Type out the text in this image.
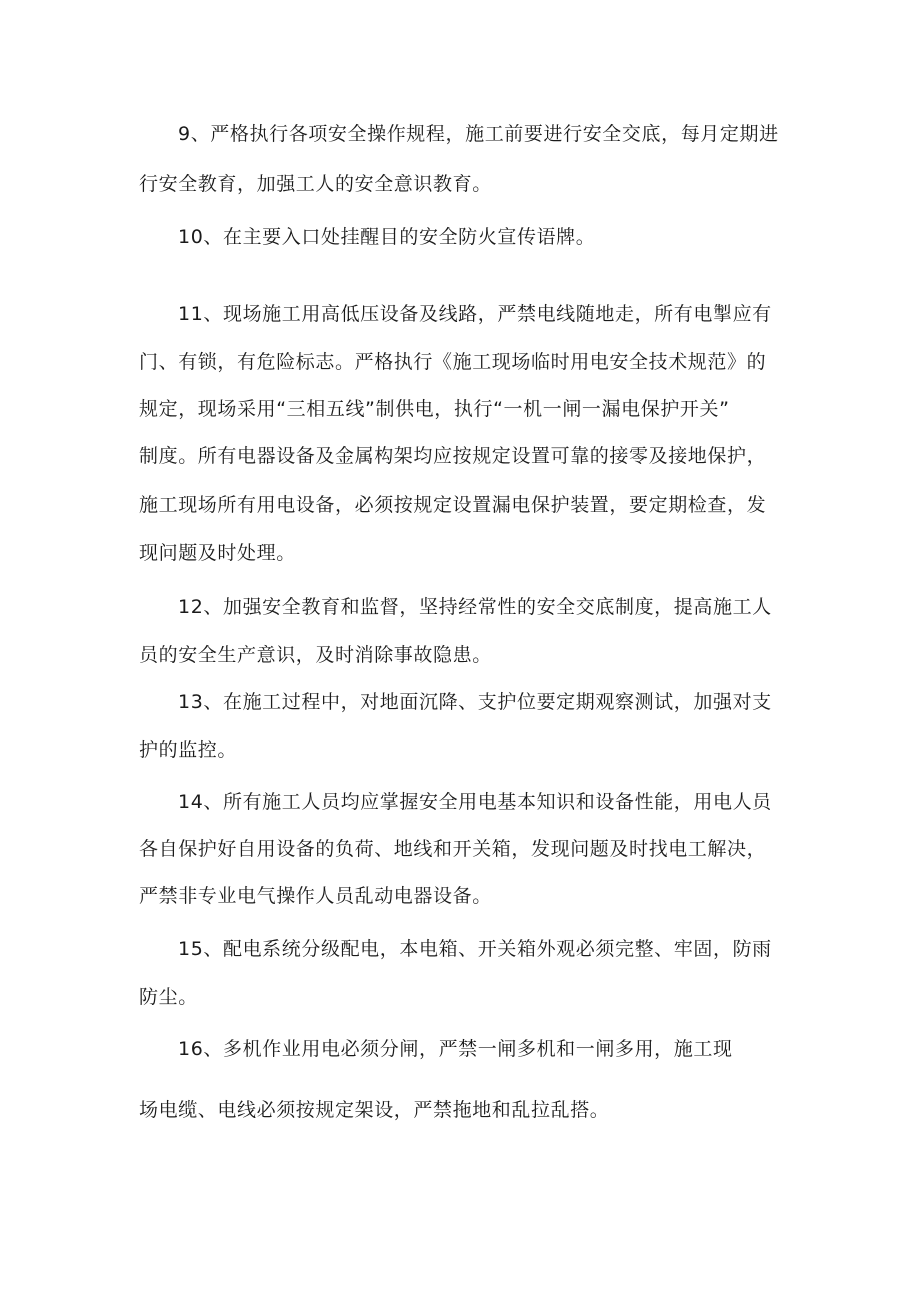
9、严格执行各项安全操作规程，施工前要进行安全交底，每月定期进

行安全教育，加强工人的安全意识教育。

10、在主要入口处挂醒目的安全防火宣传语牌。

11、现场施工用高低压设备及线路，严禁电线随地走，所有电掣应有

门、有锁，有危险标志。严格执行《施工现场临时用电安全技术规范》的

规定，现场采用“三相五线”制供电，执行“一机一闸一漏电保护开关”

制度。所有电器设备及金属构架均应按规定设置可靠的接零及接地保护，

施工现场所有用电设备，必须按规定设置漏电保护装置，要定期检查，发

现问题及时处理。

12、加强安全教育和监督，坚持经常性的安全交底制度，提高施工人

员的安全生产意识，及时消除事故隐患。

13、在施工过程中，对地面沉降、支护位要定期观察测试，加强对支

护的监控。

14、所有施工人员均应掌握安全用电基本知识和设备性能，用电人员

各自保护好自用设备的负荷、地线和开关箱，发现问题及时找电工解决，

严禁非专业电气操作人员乱动电器设备。

15、配电系统分级配电，本电箱、开关箱外观必须完整、牢固，防雨

防尘。

16、多机作业用电必须分闸，严禁一闸多机和一闸多用，施工现

场电缆、电线必须按规定架设，严禁拖地和乱拉乱搭。
